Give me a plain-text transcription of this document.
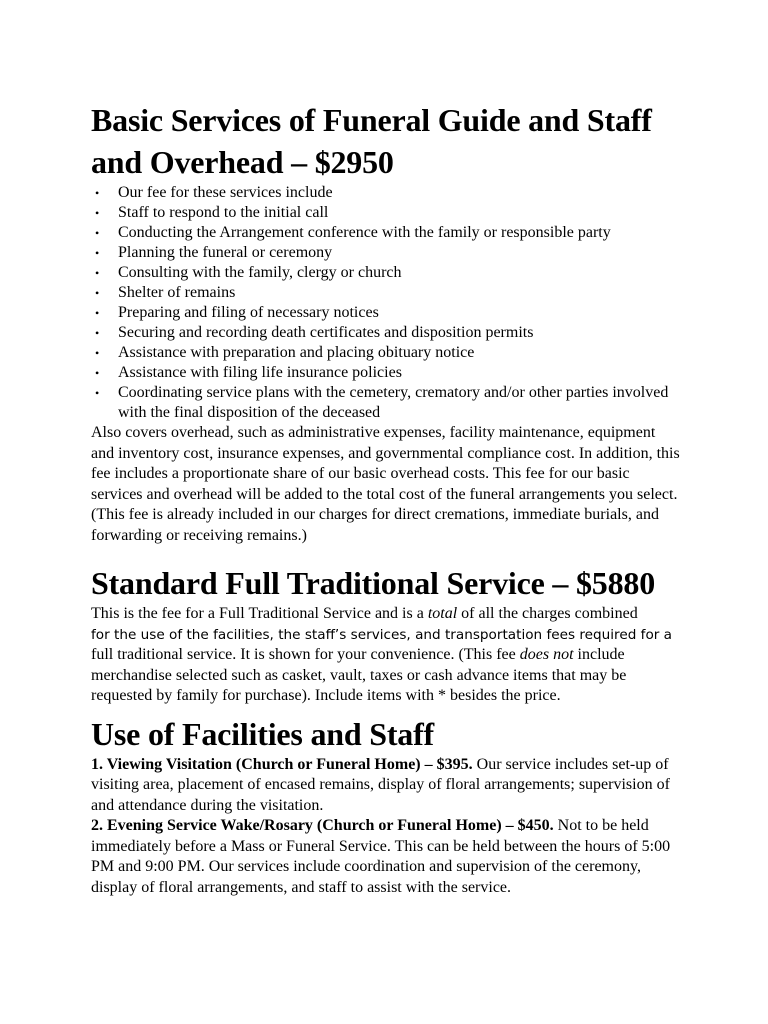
Basic Services of Funeral Guide and Staff
and Overhead – $2950
• Our fee for these services include
• Staff to respond to the initial call
• Conducting the Arrangement conference with the family or responsible party
• Planning the funeral or ceremony
• Consulting with the family, clergy or church
• Shelter of remains
• Preparing and filing of necessary notices
• Securing and recording death certificates and disposition permits
• Assistance with preparation and placing obituary notice
• Assistance with filing life insurance policies
• Coordinating service plans with the cemetery, crematory and/or other parties involved with the final disposition of the deceased

Also covers overhead, such as administrative expenses, facility maintenance, equipment and inventory cost, insurance expenses, and governmental compliance cost. In addition, this fee includes a proportionate share of our basic overhead costs. This fee for our basic services and overhead will be added to the total cost of the funeral arrangements you select. (This fee is already included in our charges for direct cremations, immediate burials, and forwarding or receiving remains.)

Standard Full Traditional Service – $5880

This is the fee for a Full Traditional Service and is a total of all the charges combined
for the use of the facilities, the staff’s services, and transportation fees required for a full traditional service. It is shown for your convenience. (This fee does not include merchandise selected such as casket, vault, taxes or cash advance items that may be requested by family for purchase). Include items with * besides the price.

Use of Facilities and Staff

1. Viewing Visitation (Church or Funeral Home) – $395. Our service includes set-up of visiting area, placement of encased remains, display of floral arrangements; supervision of and attendance during the visitation.

2. Evening Service Wake/Rosary (Church or Funeral Home) – $450. Not to be held immediately before a Mass or Funeral Service. This can be held between the hours of 5:00 PM and 9:00 PM. Our services include coordination and supervision of the ceremony, display of floral arrangements, and staff to assist with the service.
